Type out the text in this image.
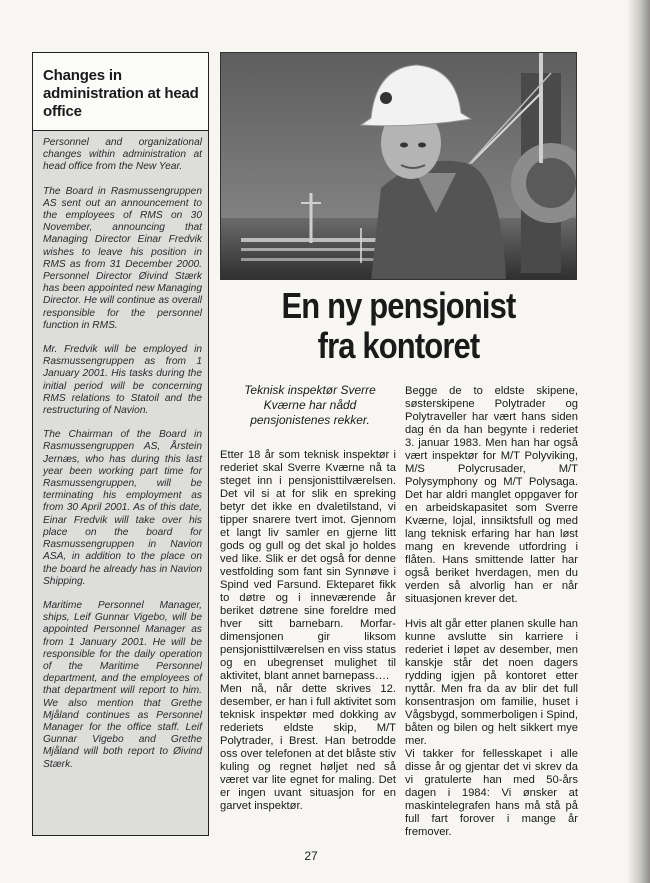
Changes in administration at head office

Personnel and organizational changes within administration at head office from the New Year.

The Board in Rasmussengruppen AS sent out an announcement to the employees of RMS on 30 November, announcing that Managing Director Einar Fredvik wishes to leave his position in RMS as from 31 December 2000. Personnel Director Øivind Stærk has been appointed new Managing Director. He will continue as overall responsible for the personnel function in RMS.

Mr. Fredvik will be employed in Rasmussengruppen as from 1 January 2001. His tasks during the initial period will be concerning RMS relations to Statoil and the restructuring of Navion.

The Chairman of the Board in Rasmussengruppen AS, Årstein Jernæs, who has during this last year been working part time for Rasmussengruppen, will be terminating his employment as from 30 April 2001. As of this date, Einar Fredvik will take over his place on the board for Rasmussengruppen in Navion ASA, in addition to the place on the board he already has in Navion Shipping.

Maritime Personnel Manager, ships, Leif Gunnar Vigebo, will be appointed Personnel Manager as from 1 January 2001. He will be responsible for the daily operation of the Maritime Personnel department, and the employees of that department will report to him. We also mention that Grethe Mjåland continues as Personnel Manager for the office staff. Leif Gunnar Vigebo and Grethe Mjåland will both report to Øivind Stærk.

En ny pensjonist
fra kontoret
Teknisk inspektør Sverre Kværne har nådd pensjonistenes rekker.

Etter 18 år som teknisk inspektør i rederiet skal Sverre Kværne nå ta steget inn i pensjonisttilværelsen. Det vil si at for slik en spreking betyr det ikke en dvaletilstand, vi tipper snarere tvert imot. Gjennom et langt liv samler en gjerne litt gods og gull og det skal jo holdes ved like. Slik er det også for denne vestfolding som fant sin Synnøve i Spind ved Farsund. Ekteparet fikk to døtre og i inneværende år beriket døtrene sine foreldre med hver sitt barnebarn. Morfar-dimensjonen gir liksom pensjonisttilværelsen en viss status og en ubegrenset mulighet til aktivitet, blant annet barnepass….

Men nå, når dette skrives 12. desember, er han i full aktivitet som teknisk inspektør med dokking av rederiets eldste skip, M/T Polytrader, i Brest. Han betrodde oss over telefonen at det blåste stiv kuling og regnet høljet ned så været var lite egnet for maling. Det er ingen uvant situasjon for en garvet inspektør.

Begge de to eldste skipene, søsterskipene Polytrader og Polytraveller har vært hans siden dag én da han begynte i rederiet 3. januar 1983. Men han har også vært inspektør for M/T Polyviking, M/S Polycrusader, M/T Polysymphony og M/T Polysaga. Det har aldri manglet oppgaver for en arbeidskapasitet som Sverre Kværne, lojal, innsiktsfull og med lang teknisk erfaring har han løst mang en krevende utfordring i flåten. Hans smittende latter har også beriket hverdagen, men du verden så alvorlig han er når situasjonen krever det.

Hvis alt går etter planen skulle han kunne avslutte sin karriere i rederiet i løpet av desember, men kanskje står det noen dagers rydding igjen på kontoret etter nyttår. Men fra da av blir det full konsentrasjon om familie, huset i Vågsbygd, sommerboligen i Spind, båten og bilen og helt sikkert mye mer.

Vi takker for fellesskapet i alle disse år og gjentar det vi skrev da vi gratulerte han med 50-års dagen i 1984: Vi ønsker at maskintelegrafen hans må stå på full fart forover i mange år fremover.

27
